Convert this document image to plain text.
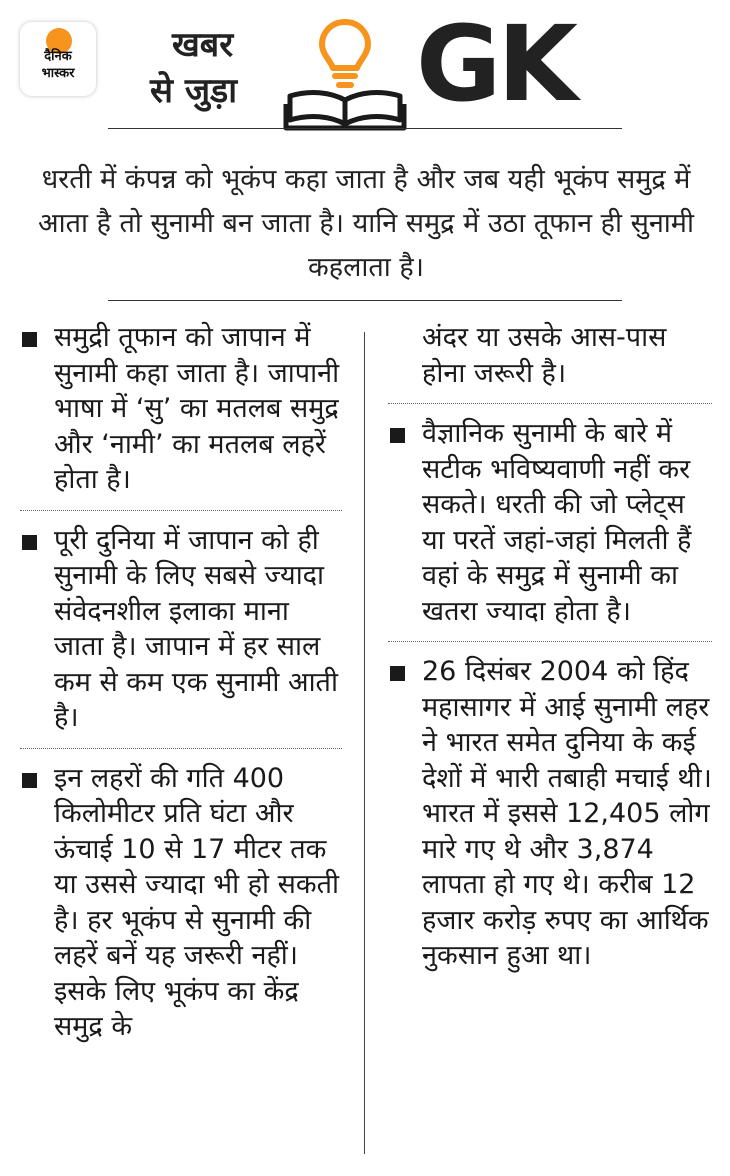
दैनिक
भास्कर
खबर
से जुड़ा GK
धरती में कंपन्न को भूकंप कहा जाता है और जब यही भूकंप समुद्र में आता है तो सुनामी बन जाता है। यानि समुद्र में उठा तूफान ही सुनामी कहलाता है।
समुद्री तूफान को जापान में सुनामी कहा जाता है। जापानी भाषा में ‘सु’ का मतलब समुद्र और ‘नामी’ का मतलब लहरें होता है।
पूरी दुनिया में जापान को ही सुनामी के लिए सबसे ज्यादा संवेदनशील इलाका माना जाता है। जापान में हर साल कम से कम एक सुनामी आती है।
इन लहरों की गति 400 किलोमीटर प्रति घंटा और ऊंचाई 10 से 17 मीटर तक या उससे ज्यादा भी हो सकती है। हर भूकंप से सुनामी की लहरें बनें यह जरूरी नहीं। इसके लिए भूकंप का केंद्र समुद्र के
अंदर या उसके आस-पास होना जरूरी है।
वैज्ञानिक सुनामी के बारे में सटीक भविष्यवाणी नहीं कर सकते। धरती की जो प्लेट्स या परतें जहां-जहां मिलती हैं वहां के समुद्र में सुनामी का खतरा ज्यादा होता है।
26 दिसंबर 2004 को हिंद महासागर में आई सुनामी लहर ने भारत समेत दुनिया के कई देशों में भारी तबाही मचाई थी। भारत में इससे 12,405 लोग मारे गए थे और 3,874 लापता हो गए थे। करीब 12 हजार करोड़ रुपए का आर्थिक नुकसान हुआ था।
